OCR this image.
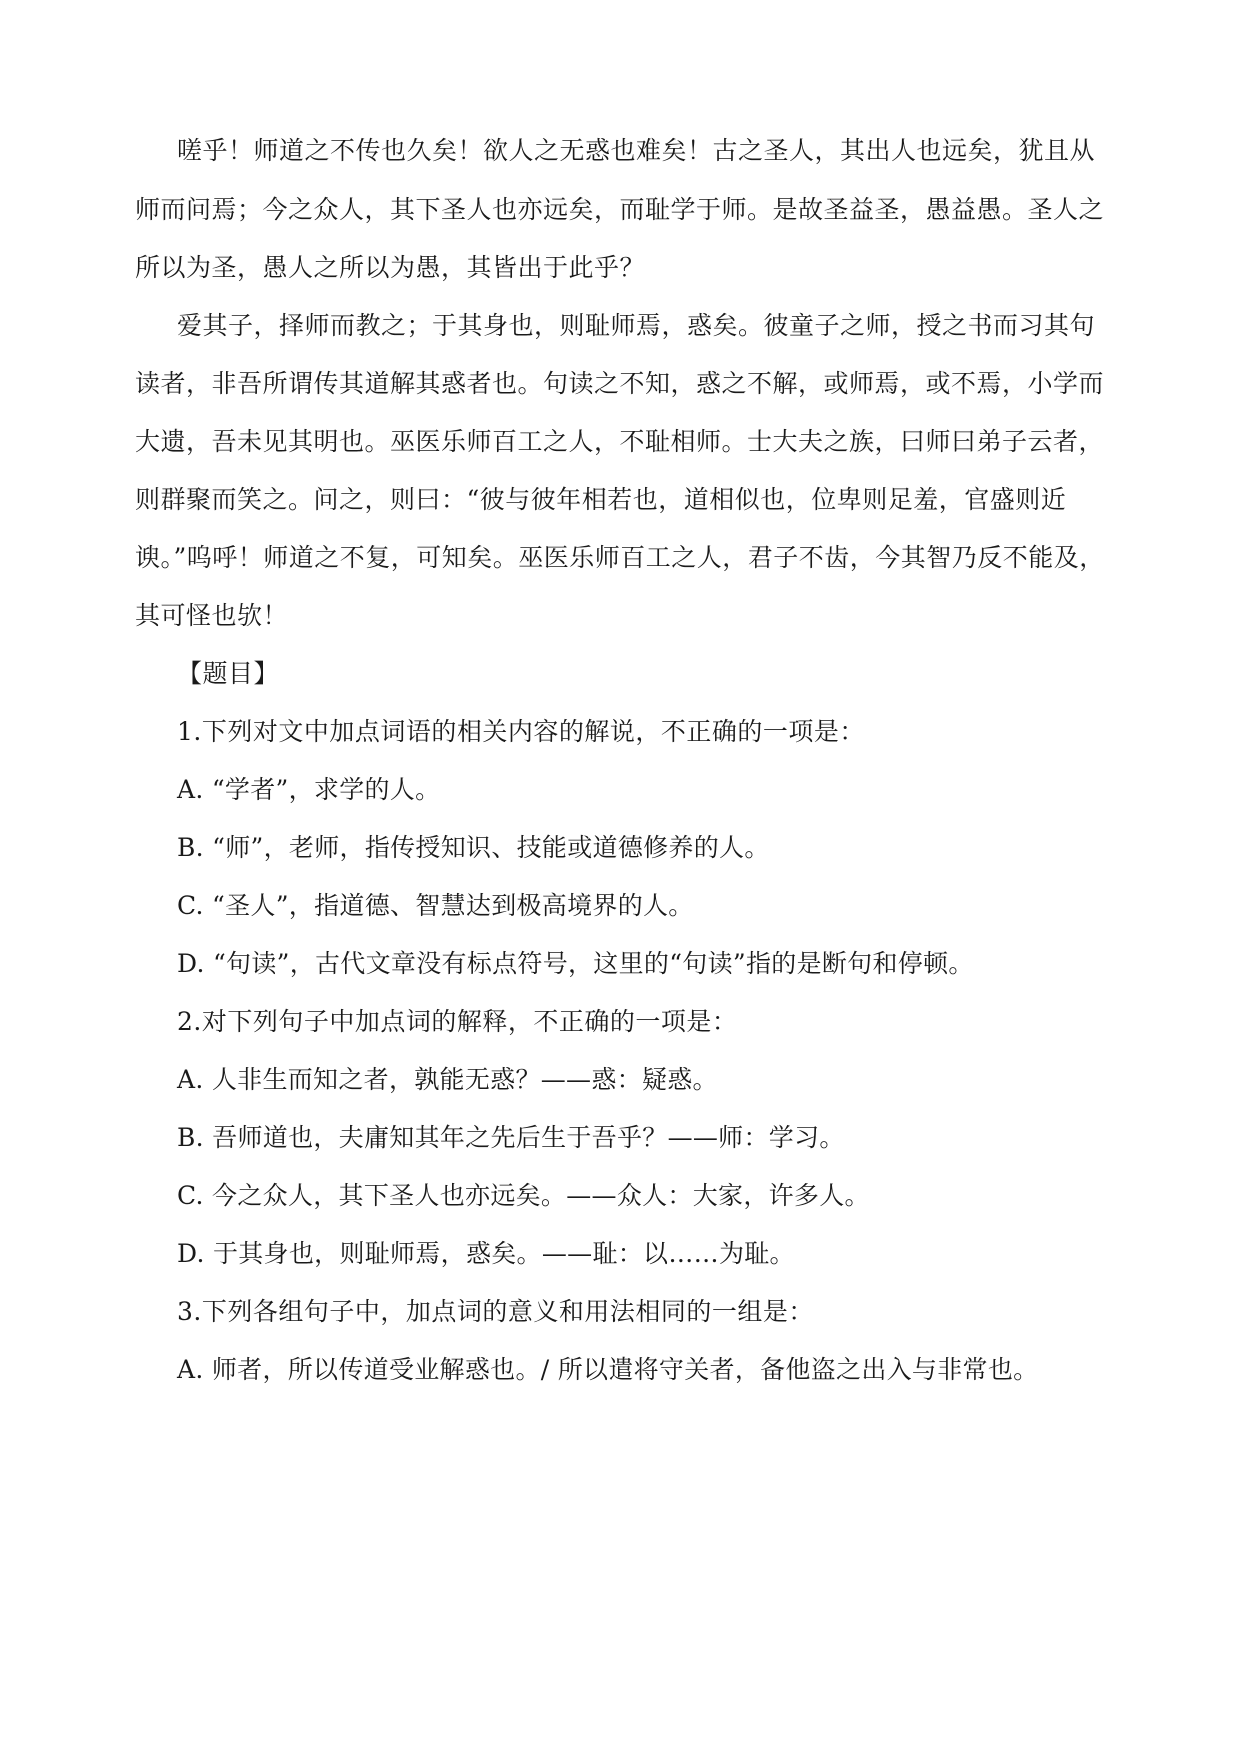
嗟乎！师道之不传也久矣！欲人之无惑也难矣！古之圣人，其出人也远矣，犹且从

师而问焉；今之众人，其下圣人也亦远矣，而耻学于师。是故圣益圣，愚益愚。圣人之

所以为圣，愚人之所以为愚，其皆出于此乎？

爱其子，择师而教之；于其身也，则耻师焉，惑矣。彼童子之师，授之书而习其句

读者，非吾所谓传其道解其惑者也。句读之不知，惑之不解，或师焉，或不焉，小学而

大遗，吾未见其明也。巫医乐师百工之人，不耻相师。士大夫之族，曰师曰弟子云者，

则群聚而笑之。问之，则曰：“彼与彼年相若也，道相似也，位卑则足羞，官盛则近

谀。”呜呼！师道之不复，可知矣。巫医乐师百工之人，君子不齿，今其智乃反不能及，

其可怪也欤！

【题目】

1.下列对文中加点词语的相关内容的解说，不正确的一项是：

A. “学者”，求学的人。

B. “师”，老师，指传授知识、技能或道德修养的人。

C. “圣人”，指道德、智慧达到极高境界的人。

D. “句读”，古代文章没有标点符号，这里的“句读”指的是断句和停顿。

2.对下列句子中加点词的解释，不正确的一项是：

A. 人非生而知之者，孰能无惑？——惑：疑惑。

B. 吾师道也，夫庸知其年之先后生于吾乎？——师：学习。

C. 今之众人，其下圣人也亦远矣。——众人：大家，许多人。

D. 于其身也，则耻师焉，惑矣。——耻：以……为耻。

3.下列各组句子中，加点词的意义和用法相同的一组是：

A. 师者，所以传道受业解惑也。/ 所以遣将守关者，备他盗之出入与非常也。
